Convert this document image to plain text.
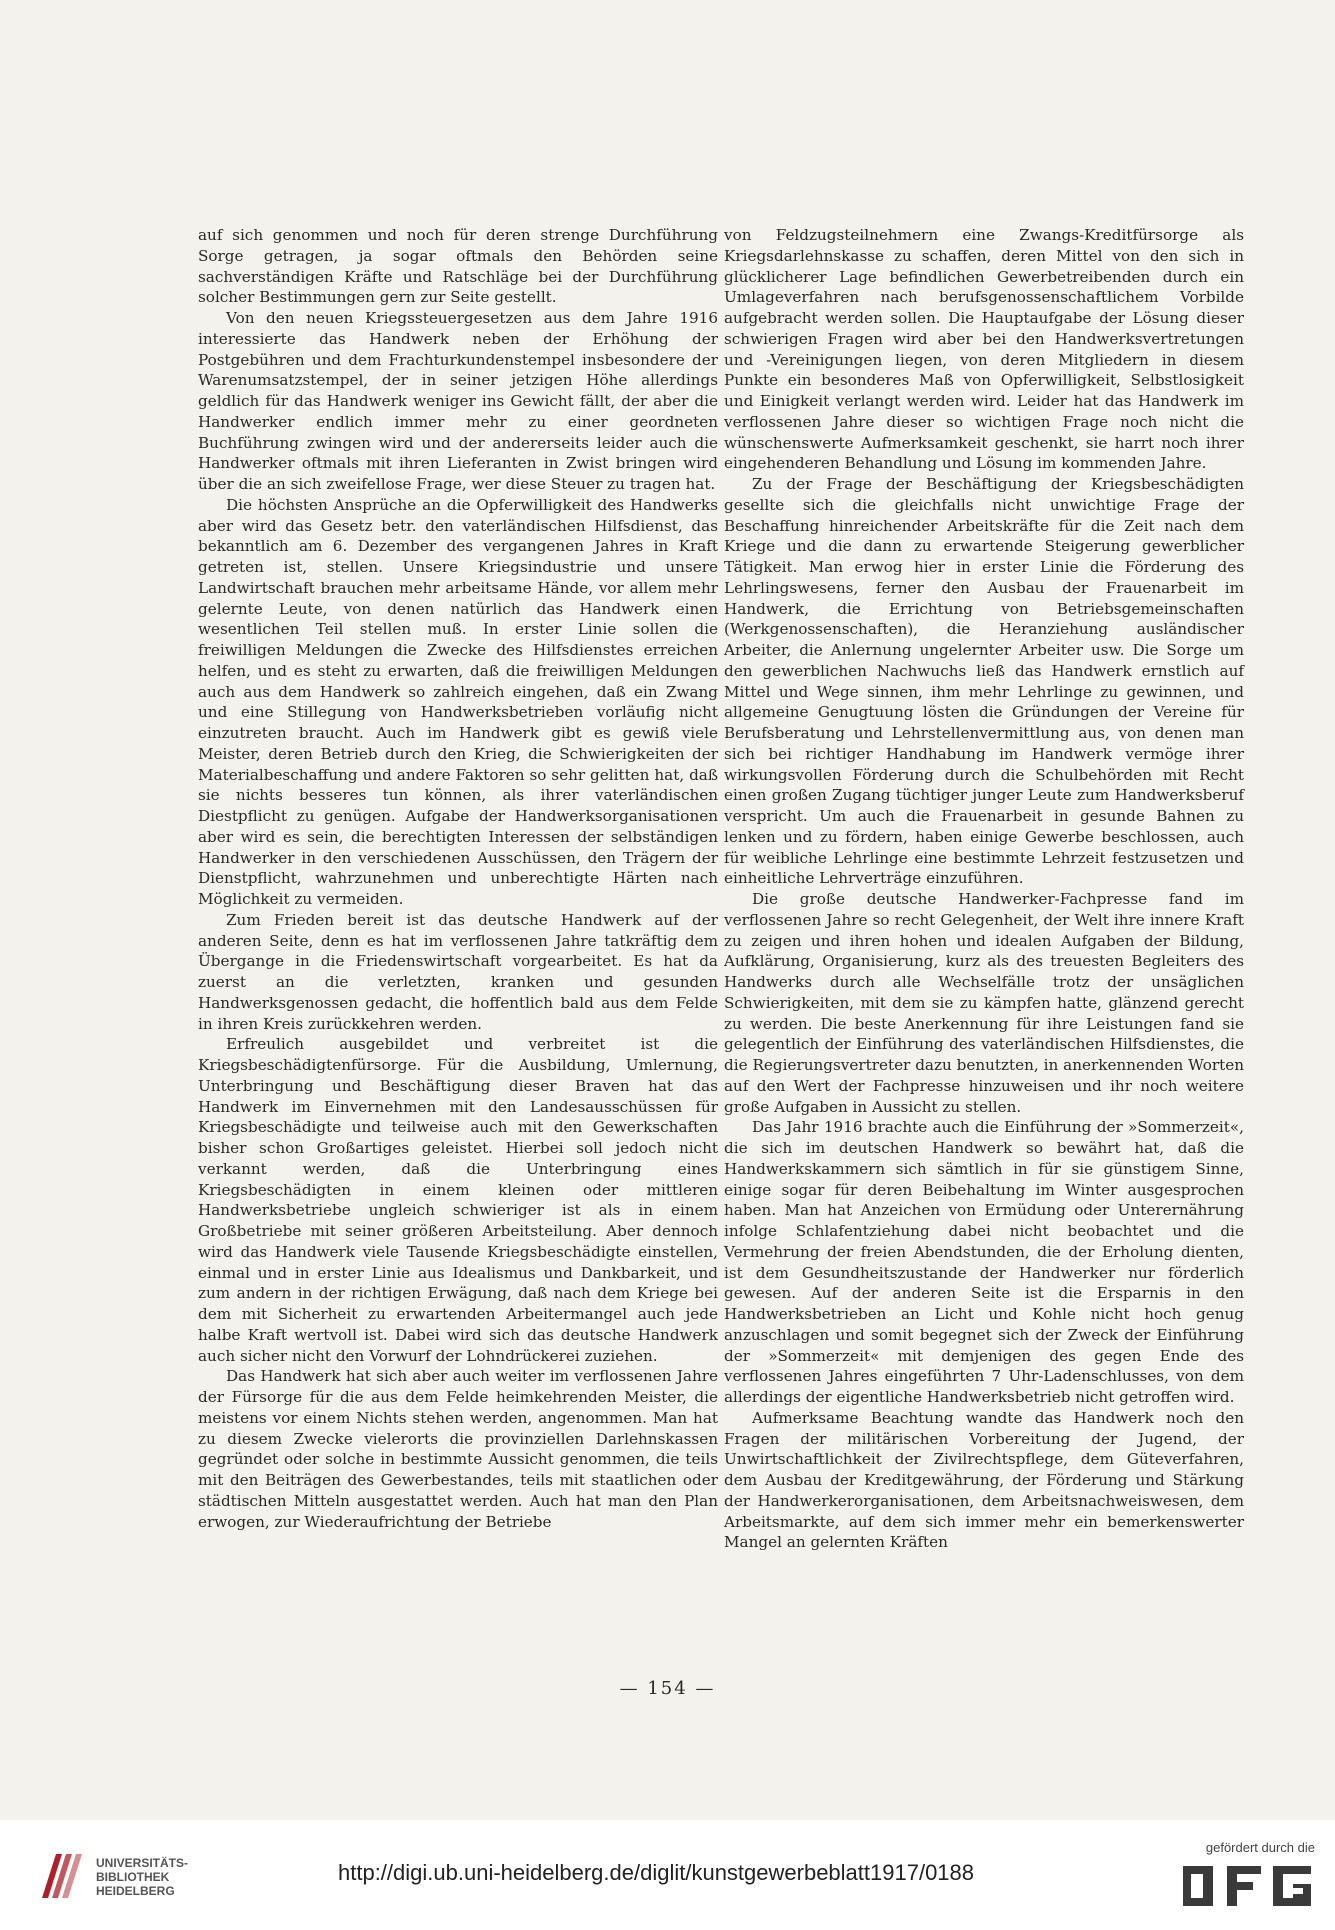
auf sich genommen und noch für deren strenge Durchführung Sorge getragen, ja sogar oftmals den Behörden seine sachverständigen Kräfte und Ratschläge bei der Durchführung solcher Bestimmungen gern zur Seite gestellt.

Von den neuen Kriegssteuergesetzen aus dem Jahre 1916 interessierte das Handwerk neben der Erhöhung der Postgebühren und dem Frachturkundenstempel insbesondere der Warenumsatzstempel, der in seiner jetzigen Höhe allerdings geldlich für das Handwerk weniger ins Gewicht fällt, der aber die Handwerker endlich immer mehr zu einer geordneten Buchführung zwingen wird und der andererseits leider auch die Handwerker oftmals mit ihren Lieferanten in Zwist bringen wird über die an sich zweifellose Frage, wer diese Steuer zu tragen hat.

Die höchsten Ansprüche an die Opferwilligkeit des Handwerks aber wird das Gesetz betr. den vaterländischen Hilfsdienst, das bekanntlich am 6. Dezember des vergangenen Jahres in Kraft getreten ist, stellen. Unsere Kriegsindustrie und unsere Landwirtschaft brauchen mehr arbeitsame Hände, vor allem mehr gelernte Leute, von denen natürlich das Handwerk einen wesentlichen Teil stellen muß. In erster Linie sollen die freiwilligen Meldungen die Zwecke des Hilfsdienstes erreichen helfen, und es steht zu erwarten, daß die freiwilligen Meldungen auch aus dem Handwerk so zahlreich eingehen, daß ein Zwang und eine Stillegung von Handwerksbetrieben vorläufig nicht einzutreten braucht. Auch im Handwerk gibt es gewiß viele Meister, deren Betrieb durch den Krieg, die Schwierigkeiten der Materialbeschaffung und andere Faktoren so sehr gelitten hat, daß sie nichts besseres tun können, als ihrer vaterländischen Diestpflicht zu genügen. Aufgabe der Handwerksorganisationen aber wird es sein, die berechtigten Interessen der selbständigen Handwerker in den verschiedenen Ausschüssen, den Trägern der Dienstpflicht, wahrzunehmen und unberechtigte Härten nach Möglichkeit zu vermeiden.

Zum Frieden bereit ist das deutsche Handwerk auf der anderen Seite, denn es hat im verflossenen Jahre tatkräftig dem Übergange in die Friedenswirtschaft vorgearbeitet. Es hat da zuerst an die verletzten, kranken und gesunden Handwerksgenossen gedacht, die hoffentlich bald aus dem Felde in ihren Kreis zurückkehren werden.

Erfreulich ausgebildet und verbreitet ist die Kriegsbeschädigtenfürsorge. Für die Ausbildung, Umlernung, Unterbringung und Beschäftigung dieser Braven hat das Handwerk im Einvernehmen mit den Landesausschüssen für Kriegsbeschädigte und teilweise auch mit den Gewerkschaften bisher schon Großartiges geleistet. Hierbei soll jedoch nicht verkannt werden, daß die Unterbringung eines Kriegsbeschädigten in einem kleinen oder mittleren Handwerksbetriebe ungleich schwieriger ist als in einem Großbetriebe mit seiner größeren Arbeitsteilung. Aber dennoch wird das Handwerk viele Tausende Kriegsbeschädigte einstellen, einmal und in erster Linie aus Idealismus und Dankbarkeit, und zum andern in der richtigen Erwägung, daß nach dem Kriege bei dem mit Sicherheit zu erwartenden Arbeitermangel auch jede halbe Kraft wertvoll ist. Dabei wird sich das deutsche Handwerk auch sicher nicht den Vorwurf der Lohndrückerei zuziehen.

Das Handwerk hat sich aber auch weiter im verflossenen Jahre der Fürsorge für die aus dem Felde heimkehrenden Meister, die meistens vor einem Nichts stehen werden, angenommen. Man hat zu diesem Zwecke vielerorts die provinziellen Darlehnskassen gegründet oder solche in bestimmte Aussicht genommen, die teils mit den Beiträgen des Gewerbestandes, teils mit staatlichen oder städtischen Mitteln ausgestattet werden. Auch hat man den Plan erwogen, zur Wiederaufrichtung der Betriebe

von Feldzugsteilnehmern eine Zwangs-Kreditfürsorge als Kriegsdarlehnskasse zu schaffen, deren Mittel von den sich in glücklicherer Lage befindlichen Gewerbetreibenden durch ein Umlageverfahren nach berufsgenossenschaftlichem Vorbilde aufgebracht werden sollen. Die Hauptaufgabe der Lösung dieser schwierigen Fragen wird aber bei den Handwerksvertretungen und -Vereinigungen liegen, von deren Mitgliedern in diesem Punkte ein besonderes Maß von Opferwilligkeit, Selbstlosigkeit und Einigkeit verlangt werden wird. Leider hat das Handwerk im verflossenen Jahre dieser so wichtigen Frage noch nicht die wünschenswerte Aufmerksamkeit geschenkt, sie harrt noch ihrer eingehenderen Behandlung und Lösung im kommenden Jahre.

Zu der Frage der Beschäftigung der Kriegsbeschädigten gesellte sich die gleichfalls nicht unwichtige Frage der Beschaffung hinreichender Arbeitskräfte für die Zeit nach dem Kriege und die dann zu erwartende Steigerung gewerblicher Tätigkeit. Man erwog hier in erster Linie die Förderung des Lehrlingswesens, ferner den Ausbau der Frauenarbeit im Handwerk, die Errichtung von Betriebsgemeinschaften (Werkgenossenschaften), die Heranziehung ausländischer Arbeiter, die Anlernung ungelernter Arbeiter usw. Die Sorge um den gewerblichen Nachwuchs ließ das Handwerk ernstlich auf Mittel und Wege sinnen, ihm mehr Lehrlinge zu gewinnen, und allgemeine Genugtuung lösten die Gründungen der Vereine für Berufsberatung und Lehrstellenvermittlung aus, von denen man sich bei richtiger Handhabung im Handwerk vermöge ihrer wirkungsvollen Förderung durch die Schulbehörden mit Recht einen großen Zugang tüchtiger junger Leute zum Handwerksberuf verspricht. Um auch die Frauenarbeit in gesunde Bahnen zu lenken und zu fördern, haben einige Gewerbe beschlossen, auch für weibliche Lehrlinge eine bestimmte Lehrzeit festzusetzen und einheitliche Lehrverträge einzuführen.

Die große deutsche Handwerker-Fachpresse fand im verflossenen Jahre so recht Gelegenheit, der Welt ihre innere Kraft zu zeigen und ihren hohen und idealen Aufgaben der Bildung, Aufklärung, Organisierung, kurz als des treuesten Begleiters des Handwerks durch alle Wechselfälle trotz der unsäglichen Schwierigkeiten, mit dem sie zu kämpfen hatte, glänzend gerecht zu werden. Die beste Anerkennung für ihre Leistungen fand sie gelegentlich der Einführung des vaterländischen Hilfsdienstes, die die Regierungsvertreter dazu benutzten, in anerkennenden Worten auf den Wert der Fachpresse hinzuweisen und ihr noch weitere große Aufgaben in Aussicht zu stellen.

Das Jahr 1916 brachte auch die Einführung der »Sommerzeit«, die sich im deutschen Handwerk so bewährt hat, daß die Handwerkskammern sich sämtlich in für sie günstigem Sinne, einige sogar für deren Beibehaltung im Winter ausgesprochen haben. Man hat Anzeichen von Ermüdung oder Unterernährung infolge Schlafentziehung dabei nicht beobachtet und die Vermehrung der freien Abendstunden, die der Erholung dienten, ist dem Gesundheitszustande der Handwerker nur förderlich gewesen. Auf der anderen Seite ist die Ersparnis in den Handwerksbetrieben an Licht und Kohle nicht hoch genug anzuschlagen und somit begegnet sich der Zweck der Einführung der »Sommerzeit« mit demjenigen des gegen Ende des verflossenen Jahres eingeführten 7 Uhr-Ladenschlusses, von dem allerdings der eigentliche Handwerksbetrieb nicht getroffen wird.

Aufmerksame Beachtung wandte das Handwerk noch den Fragen der militärischen Vorbereitung der Jugend, der Unwirtschaftlichkeit der Zivilrechtspflege, dem Güteverfahren, dem Ausbau der Kreditgewährung, der Förderung und Stärkung der Handwerkerorganisationen, dem Arbeitsnachweiswesen, dem Arbeitsmarkte, auf dem sich immer mehr ein bemerkenswerter Mangel an gelernten Kräften

— 154 —
UNIVERSITÄTS-
BIBLIOTHEK
HEIDELBERG
http://digi.ub.uni-heidelberg.de/diglit/kunstgewerbeblatt1917/0188
gefördert durch die
